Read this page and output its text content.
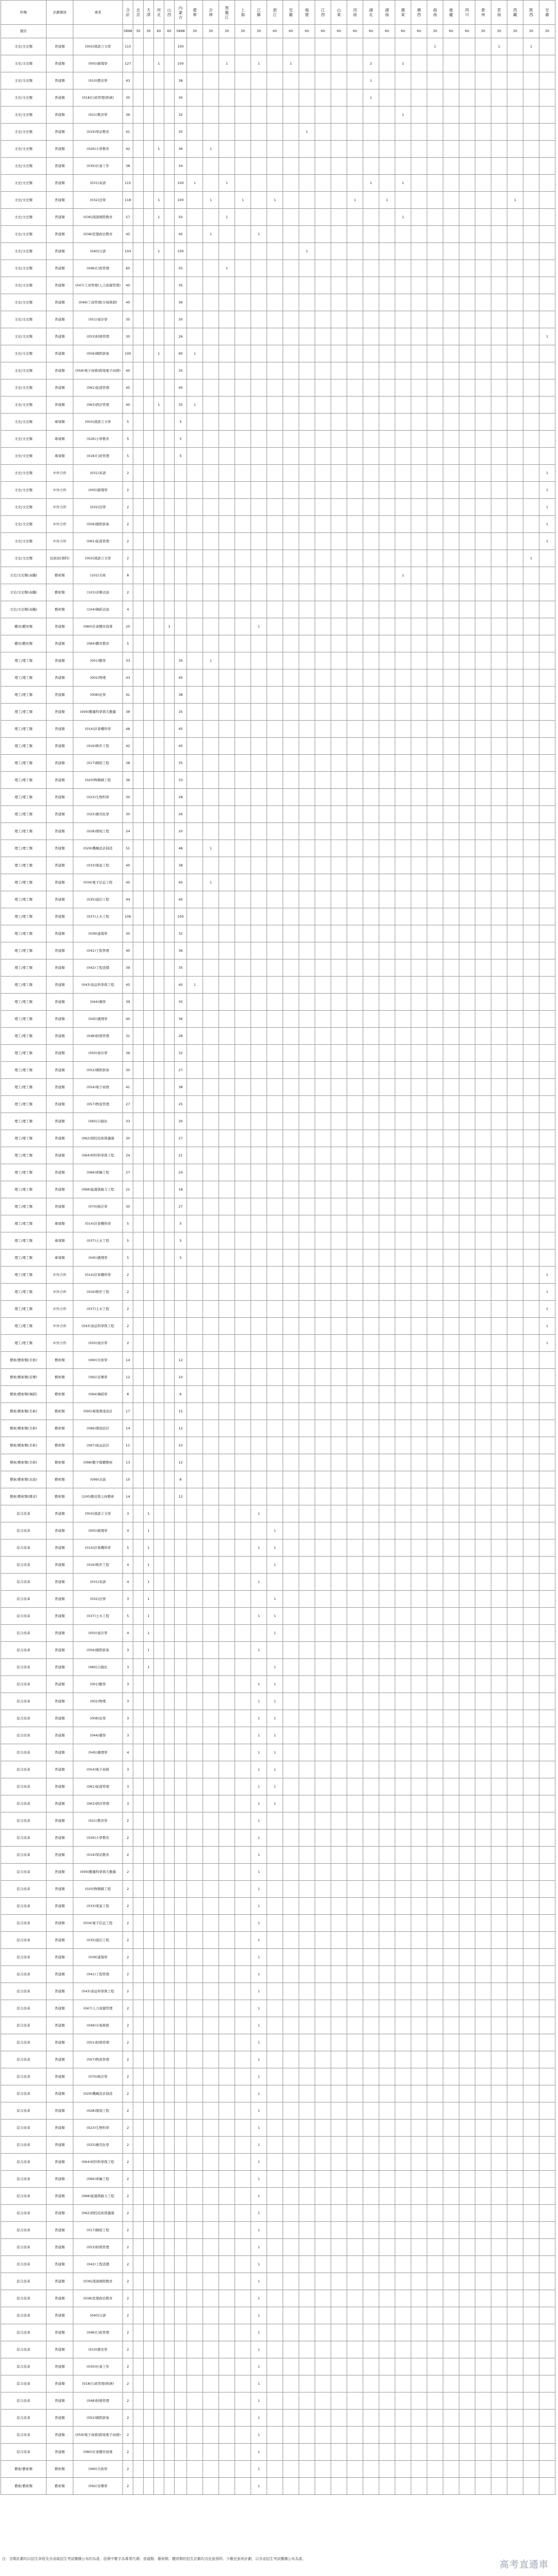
科類	計劃類別	專業	合計	北京	天津	河北	山西	內蒙古	遼寧	吉林	黑龍江	上海	江蘇	浙江	安徽	福建	江西	山東	河南	湖北	湖南	廣東	廣西	海南	重慶	四川	貴州	雲南	西藏	陝西	甘肅
總計			5898	30	30	60	60	5898	30	30	30	30	30	60	60	60	60	60	60	60	60	60	60	30	60	60	30	30	30	30	30
文史/文史類	普通類	(003)漢語言文學	115					100																1				1		1	
文史/文史類	普通類	(005)新聞學	127			1		100			1		1		1					2		1									
文史/文史類	普通類	(010)歷史學	43					38												1											
文史/文史類	普通類	(018)行政管理(經濟)	35					30												1											
文史/文史類	普通類	(021)教育學	36					32														1									
文史/文史類	普通類	(019)學前教育	41					35								1															
文史/文史類	普通類	(026)小學教育	42			1		36		1																					
文史/文史類	普通類	(030)社會工作	38					34																							
文史/文史類	普通類	(031)英語	115					100	1		1									1		1									
文史/文史類	普通類	(032)法學	118			1		100		1		1		1					1		1								1		
文史/文史類	普通類	(036)漢語國際教育	57			1		50			1											1									
文史/文史類	普通類	(038)思想政治教育	45					40		1			1																		
文史/文史類	普通類	(040)日語	104			1		100								1															
文史/文史類	普通類	(046)行政管理	60					55			1																				
文史/文史類	普通類	(047)工商管理(人力資源管理)	40					35																							
文史/文史類	普通類	(049)工商管理(市場營銷)	40					36																							
文史/文史類	普通類	(051)會計學	35					30																							
文史/文史類	普通類	(053)財務管理	30					26																							1
文史/文史類	普通類	(056)國際貿易	100			1		90	1																						
文史/文史類	普通類	(059)電子商務(跨境電子商務)	40					35																							
文史/文史類	普通類	(061)旅遊管理	45					40																							
文史/文史類	普通類	(063)酒店管理	40			1		35	1																						
文史/文史類	專項類	(003)漢語言文學	5					5																							
文史/文史類	專項類	(026)小學教育	5					5																							
文史/文史類	專項類	(018)行政管理	5					5																							
文史/文史類	中外合作	(031)英語	2																												1
文史/文史類	中外合作	(005)新聞學	2																												1
文史/文史類	中外合作	(032)法學	2																												1
文史/文史類	中外合作	(056)國際貿易	2																												1
文史/文史類	中外合作	(061)旅遊管理	2																												1
文史/文史類	民族班(預科)	(003)漢語言文學	2																											1	
文史/文史類(高職)	藝術類	(102)美術	8																			1									
文史/文史類(高職)	藝術類	(103)音樂表演	2																												
文史/文史類(高職)	藝術類	(104)舞蹈表演	4																												
體育/體育類	普通類	(080)社會體育指導	25				1						1																		
體育/體育類	普通類	(084)體育教育	5																												
理工/理工類	普通類	(001)數學	33					30		1																					
理工/理工類	普通類	(002)物理	43					40																							
理工/理工類	普通類	(008)化學	41					38																							
理工/理工類	普通類	(009)數據科學與大數據	38					35																							
理工/理工類	普通類	(014)計算機科學	48					45																							
理工/理工類	普通類	(016)軟件工程	42					40																							
理工/理工類	普通類	(017)網絡工程	38					35																							
理工/理工類	普通類	(020)物聯網工程	36					33																							
理工/理工類	普通類	(023)生物科學	30					28																							
理工/理工類	普通類	(025)應用化學	30					26																							
理工/理工類	普通類	(028)環境工程	24					20																							
理工/理工類	普通類	(029)機械設計制造	51					48		1																					
理工/理工類	普通類	(033)電氣工程	40					38																							
理工/理工類	普通類	(034)電子信息工程	45					40		1																					
理工/理工類	普通類	(035)通信工程	44					40																							
理工/理工類	普通類	(037)土木工程	106					100																							
理工/理工類	普通類	(039)建築學	35					32																							
理工/理工類	普通類	(041)工程管理	40					36																							
理工/理工類	普通類	(042)工程造價	39					35																							
理工/理工類	普通類	(043)食品科學與工程	45					40	1																						
理工/理工類	普通類	(044)藥學	39					35																							
理工/理工類	普通類	(045)護理學	40					36																							
理工/理工類	普通類	(048)財務管理	31					28																							
理工/理工類	普通類	(050)會計學	36					32																							
理工/理工類	普通類	(052)國際貿易	30					27																							
理工/理工類	普通類	(054)電子商務	41					38																							
理工/理工類	普通類	(057)物流管理	27					25																							
理工/理工類	普通類	(060)自動化	33					30																							
理工/理工類	普通類	(062)測控技術與儀器	30					27																							
理工/理工類	普通類	(064)材料科學與工程	24					21																							
理工/理工類	普通類	(066)車輛工程	27					24																							
理工/理工類	普通類	(068)能源與動力工程	21					18																							
理工/理工類	普通類	(070)統計學	30					27																							
理工/理工類	專項類	(014)計算機科學	5					5																							
理工/理工類	專項類	(037)土木工程	5					5																							
理工/理工類	專項類	(045)護理學	5					5																							
理工/理工類	中外合作	(014)計算機科學	2																												1
理工/理工類	中外合作	(016)軟件工程	2																												1
理工/理工類	中外合作	(037)土木工程	2																												1
理工/理工類	中外合作	(043)食品科學與工程	2																												1
理工/理工類	中外合作	(050)會計學	2																												1
藝術/藝術類(美術)	藝術類	(090)美術學	14					12																							
藝術/藝術類(音樂)	藝術類	(092)音樂學	12					10																							
藝術/藝術類(舞蹈)	藝術類	(094)舞蹈學	8					6																							
藝術/藝術類(美術)	藝術類	(095)視覺傳達設計	17					15																							
藝術/藝術類(美術)	藝術類	(096)環境設計	14					12																							
藝術/藝術類(美術)	藝術類	(097)產品設計	11					10																							
藝術/藝術類(美術)	藝術類	(098)數字媒體藝術	13					12																							
藝術/藝術類(表演)	藝術類	(099)表演	10					8																							
藝術/藝術類(播音)	藝術類	(100)播音與主持藝術	14					12																							
綜合改革	普通類	(003)漢語言文學	3		1								1																		
綜合改革	普通類	(005)新聞學	4		1									1																	
綜合改革	普通類	(014)計算機科學	5		1								1	1																	
綜合改革	普通類	(016)軟件工程	4		1									1																	
綜合改革	普通類	(031)英語	4		1								1																		
綜合改革	普通類	(032)法學	3		1									1																	
綜合改革	普通類	(037)土木工程	5		1								1	1																	
綜合改革	普通類	(050)會計學	4		1									1																	
綜合改革	普通類	(056)國際貿易	3		1								1																		
綜合改革	普通類	(060)自動化	3		1									1																	
綜合改革	普通類	(001)數學	3										1	1																	
綜合改革	普通類	(002)物理	3										1	1																	
綜合改革	普通類	(008)化學	3										1	1																	
綜合改革	普通類	(044)藥學	3										1	1																	
綜合改革	普通類	(045)護理學	4										1	1																	
綜合改革	普通類	(054)電子商務	3										1	1																	
綜合改革	普通類	(061)旅遊管理	3										1	1																	
綜合改革	普通類	(063)酒店管理	3										1	1																	
綜合改革	普通類	(021)教育學	2										1																		
綜合改革	普通類	(026)小學教育	2										1																		
綜合改革	普通類	(019)學前教育	2										1																		
綜合改革	普通類	(009)數據科學與大數據	2										1																		
綜合改革	普通類	(020)物聯網工程	2										1																		
綜合改革	普通類	(033)電氣工程	2										1																		
綜合改革	普通類	(034)電子信息工程	2										1																		
綜合改革	普通類	(035)通信工程	2										1																		
綜合改革	普通類	(039)建築學	2										1																		
綜合改革	普通類	(041)工程管理	2										1																		
綜合改革	普通類	(043)食品科學與工程	2										1																		
綜合改革	普通類	(047)人力資源管理	2										1																		
綜合改革	普通類	(049)市場營銷	2										1																		
綜合改革	普通類	(051)財務管理	2										1																		
綜合改革	普通類	(057)物流管理	2										1																		
綜合改革	普通類	(070)統計學	2										1																		
綜合改革	普通類	(029)機械設計制造	2										1																		
綜合改革	普通類	(028)環境工程	2										1																		
綜合改革	普通類	(023)生物科學	2										1																		
綜合改革	普通類	(025)應用化學	2										1																		
綜合改革	普通類	(064)材料科學與工程	2										1																		
綜合改革	普通類	(066)車輛工程	2										1																		
綜合改革	普通類	(068)能源與動力工程	2										1																		
綜合改革	普通類	(062)測控技術與儀器	2										1																		
綜合改革	普通類	(017)網絡工程	2										1																		
綜合改革	普通類	(053)財務管理	2										1																		
綜合改革	普通類	(042)工程造價	2										1																		
綜合改革	普通類	(036)漢語國際教育	2										1																		
綜合改革	普通類	(038)思想政治教育	2										1																		
綜合改革	普通類	(040)日語	2										1																		
綜合改革	普通類	(046)行政管理	2										1																		
綜合改革	普通類	(010)歷史學	2										1																		
綜合改革	普通類	(030)社會工作	2										1																		
綜合改革	普通類	(018)行政管理(經濟)	2										1																		
綜合改革	普通類	(048)財務管理	2										1																		
綜合改革	普通類	(052)國際貿易	2										1																		
綜合改革	普通類	(059)電子商務(跨境電子商務)	2										1																		
綜合改革	普通類	(080)社會體育指導	2										1																		
藝術/藝術類	藝術類	(090)美術學	2										1																		
藝術/藝術類	藝術類	(092)音樂學	2										1																		
注：各類計劃均以招生章程及各省級招生考試機構公布的為准，括號中數字為專業代碼；普通類、藝術類、體育類的招生計劃均含民族預科、少數民族班計劃，以各省招生考試機構公布為准。
高考直通車
